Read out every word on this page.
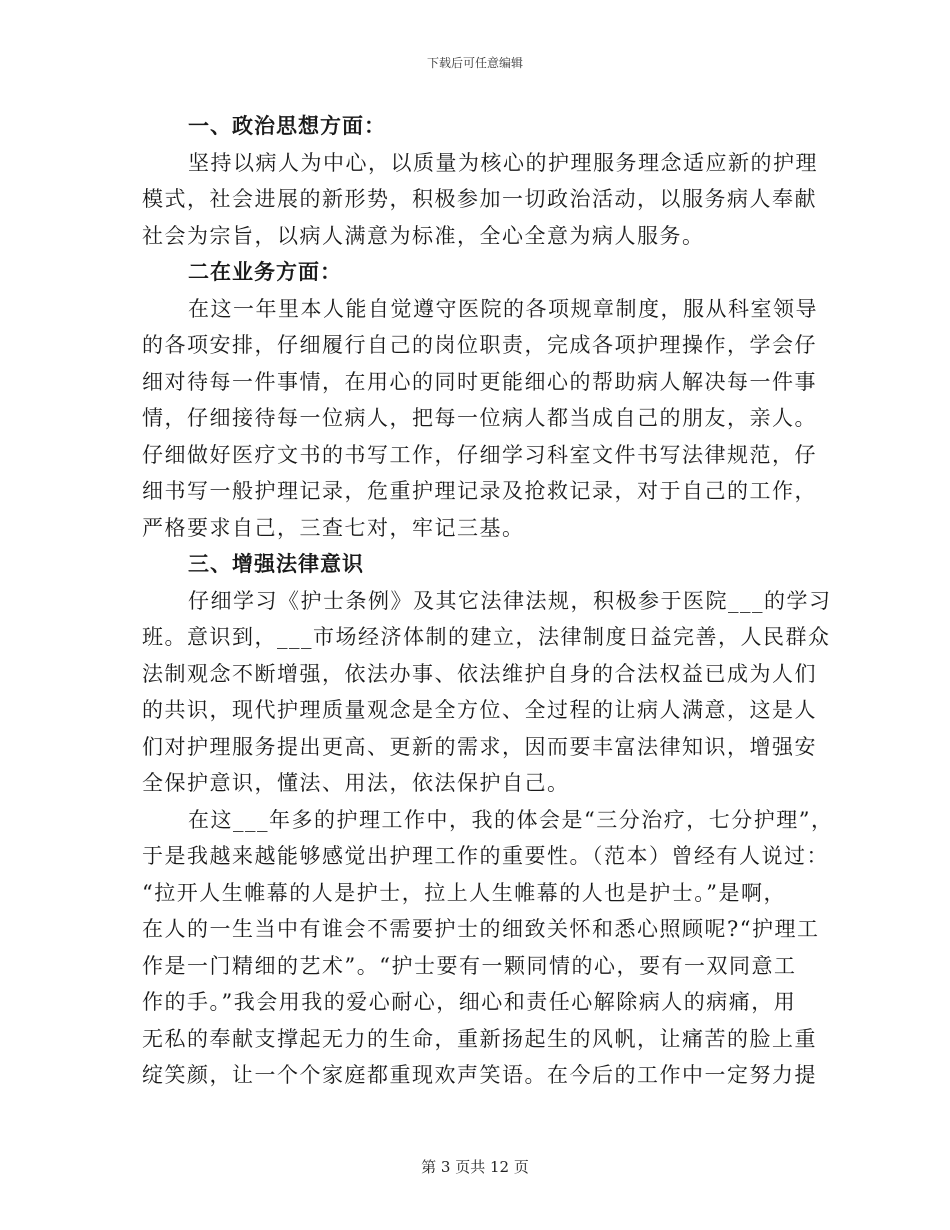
下载后可任意编辑
一、政治思想方面：
坚持以病人为中心，以质量为核心的护理服务理念适应新的护理
模式，社会进展的新形势，积极参加一切政治活动，以服务病人奉献
社会为宗旨，以病人满意为标准，全心全意为病人服务。
二在业务方面：
在这一年里本人能自觉遵守医院的各项规章制度，服从科室领导
的各项安排，仔细履行自己的岗位职责，完成各项护理操作，学会仔
细对待每一件事情，在用心的同时更能细心的帮助病人解决每一件事
情，仔细接待每一位病人，把每一位病人都当成自己的朋友，亲人。
仔细做好医疗文书的书写工作，仔细学习科室文件书写法律规范，仔
细书写一般护理记录，危重护理记录及抢救记录，对于自己的工作，
严格要求自己，三查七对，牢记三基。
三、增强法律意识
仔细学习《护士条例》及其它法律法规，积极参于医院___的学习
班。意识到，___市场经济体制的建立，法律制度日益完善，人民群众
法制观念不断增强，依法办事、依法维护自身的合法权益已成为人们
的共识，现代护理质量观念是全方位、全过程的让病人满意，这是人
们对护理服务提出更高、更新的需求，因而要丰富法律知识，增强安
全保护意识，懂法、用法，依法保护自己。
在这___年多的护理工作中，我的体会是“三分治疗，七分护理”，
于是我越来越能够感觉出护理工作的重要性。（范本）曾经有人说过：
“拉开人生帷幕的人是护士，拉上人生帷幕的人也是护士。”是啊，
在人的一生当中有谁会不需要护士的细致关怀和悉心照顾呢?“护理工
作是一门精细的艺术”。“护士要有一颗同情的心，要有一双同意工
作的手。”我会用我的爱心耐心，细心和责任心解除病人的病痛，用
无私的奉献支撑起无力的生命，重新扬起生的风帆，让痛苦的脸上重
绽笑颜，让一个个家庭都重现欢声笑语。在今后的工作中一定努力提
第 3 页共 12 页
